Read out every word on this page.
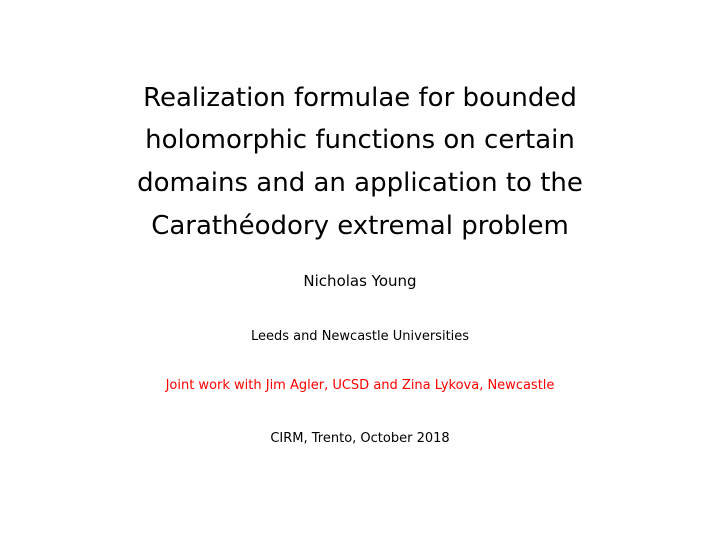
Realization formulae for bounded
holomorphic functions on certain
domains and an application to the
Carathéodory extremal problem
Nicholas Young
Leeds and Newcastle Universities
Joint work with Jim Agler, UCSD and Zina Lykova, Newcastle
CIRM, Trento, October 2018
